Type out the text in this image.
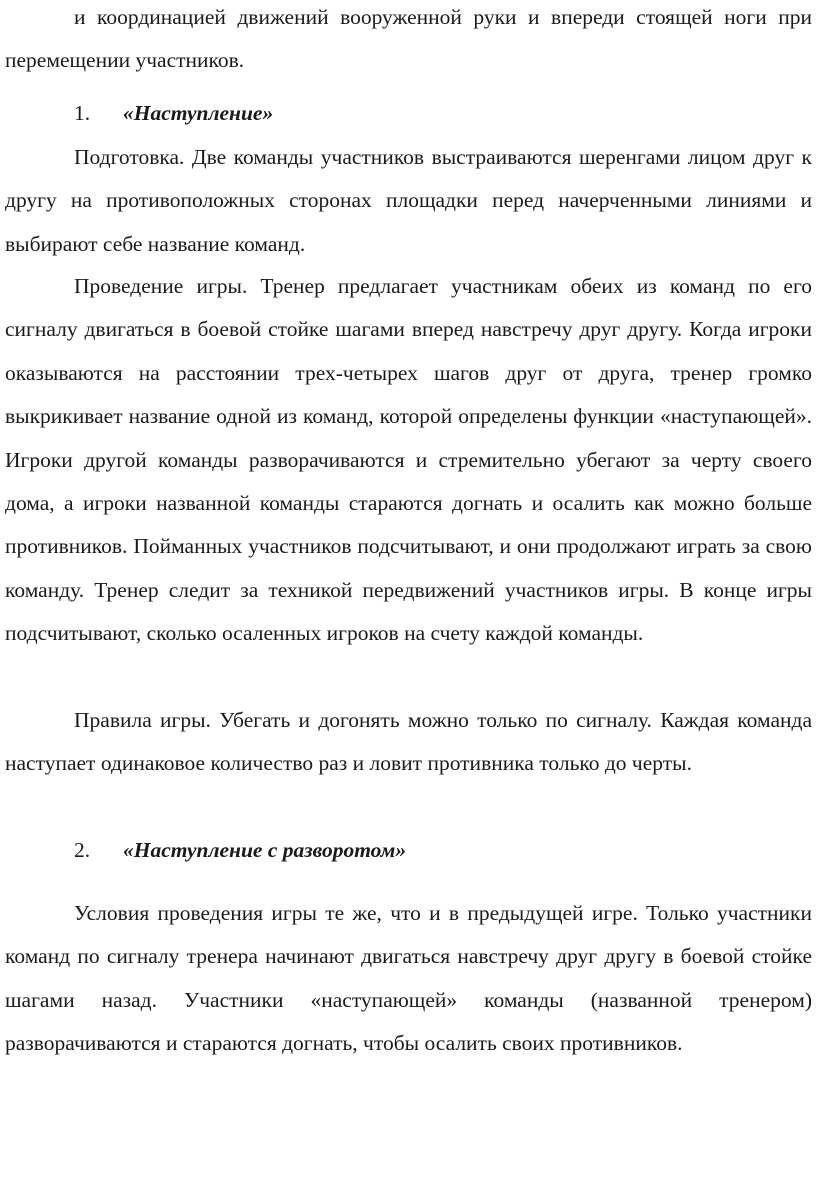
и координацией движений вооруженной руки и впереди стоящей ноги при перемещении участников.

1. «Наступление»

Подготовка. Две команды участников выстраиваются шеренгами лицом друг к другу на противоположных сторонах площадки перед начерченными линиями и выбирают себе название команд.

Проведение игры. Тренер предлагает участникам обеих из команд по его сигналу двигаться в боевой стойке шагами вперед навстречу друг другу. Когда игроки оказываются на расстоянии трех-четырех шагов друг от друга, тренер громко выкрикивает название одной из команд, которой определены функции «наступающей». Игроки другой команды разворачиваются и стремительно убегают за черту своего дома, а игроки названной команды стараются догнать и осалить как можно больше противников. Пойманных участников подсчитывают, и они продолжают играть за свою команду. Тренер следит за техникой передвижений участников игры. В конце игры подсчитывают, сколько осаленных игроков на счету каждой команды.

Правила игры. Убегать и догонять можно только по сигналу. Каждая команда наступает одинаковое количество раз и ловит противника только до черты.

2. «Наступление с разворотом»

Условия проведения игры те же, что и в предыдущей игре. Только участники команд по сигналу тренера начинают двигаться навстречу друг другу в боевой стойке шагами назад. Участники «наступающей» команды (названной тренером) разворачиваются и стараются догнать, чтобы осалить своих противников.
